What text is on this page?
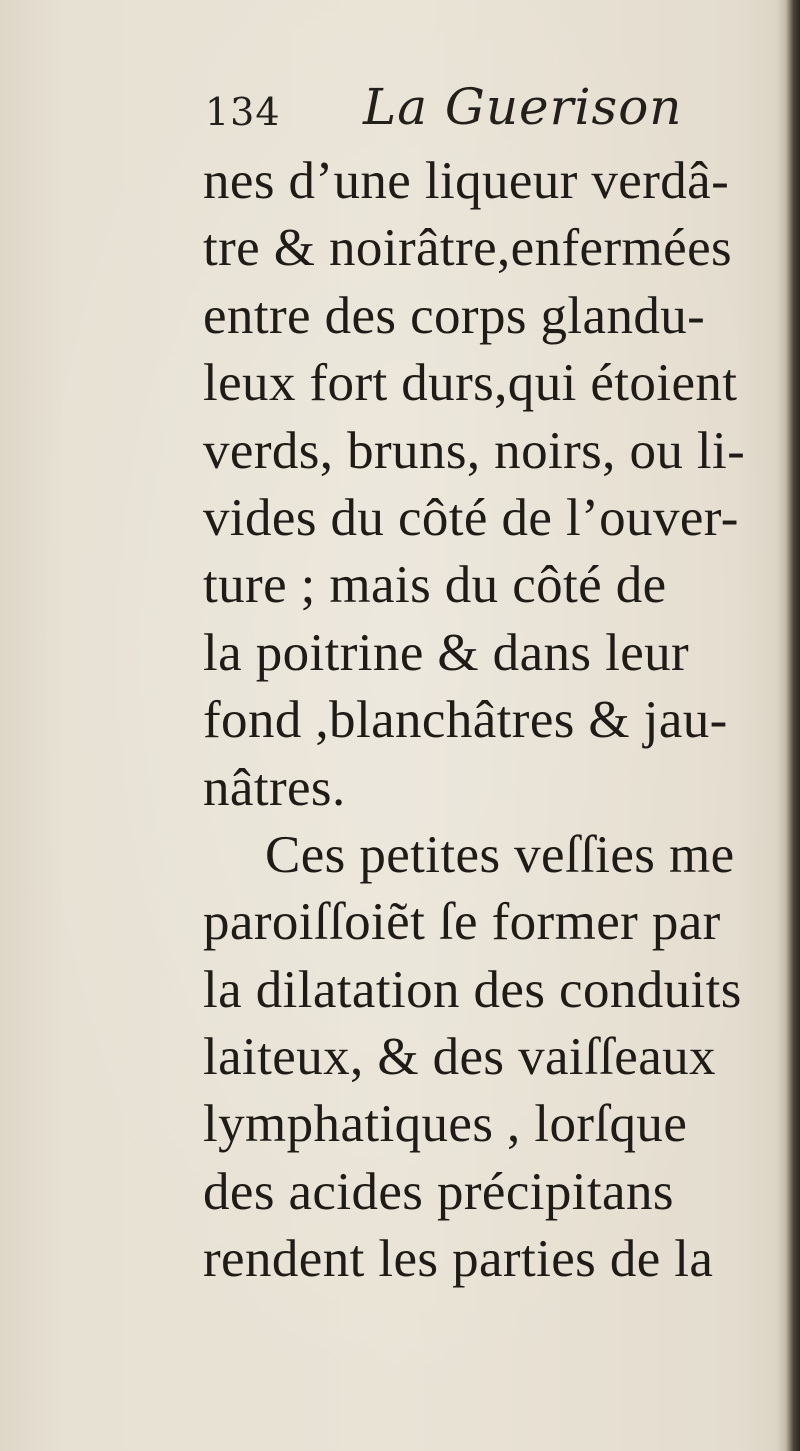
134 La Guerison
nes d’une liqueur verdâ-
tre & noirâtre,enfermées
entre des corps glandu-
leux fort durs,qui étoient
verds, bruns, noirs, ou li-
vides du côté de l’ouver-
ture ; mais du côté de
la poitrine & dans leur
fond ,blanchâtres & jau-
nâtres.
Ces petites veſſies me
paroiſſoiẽt ſe former par
la dilatation des conduits
laiteux, & des vaiſſeaux
lymphatiques , lorſque
des acides précipitans
rendent les parties de la
